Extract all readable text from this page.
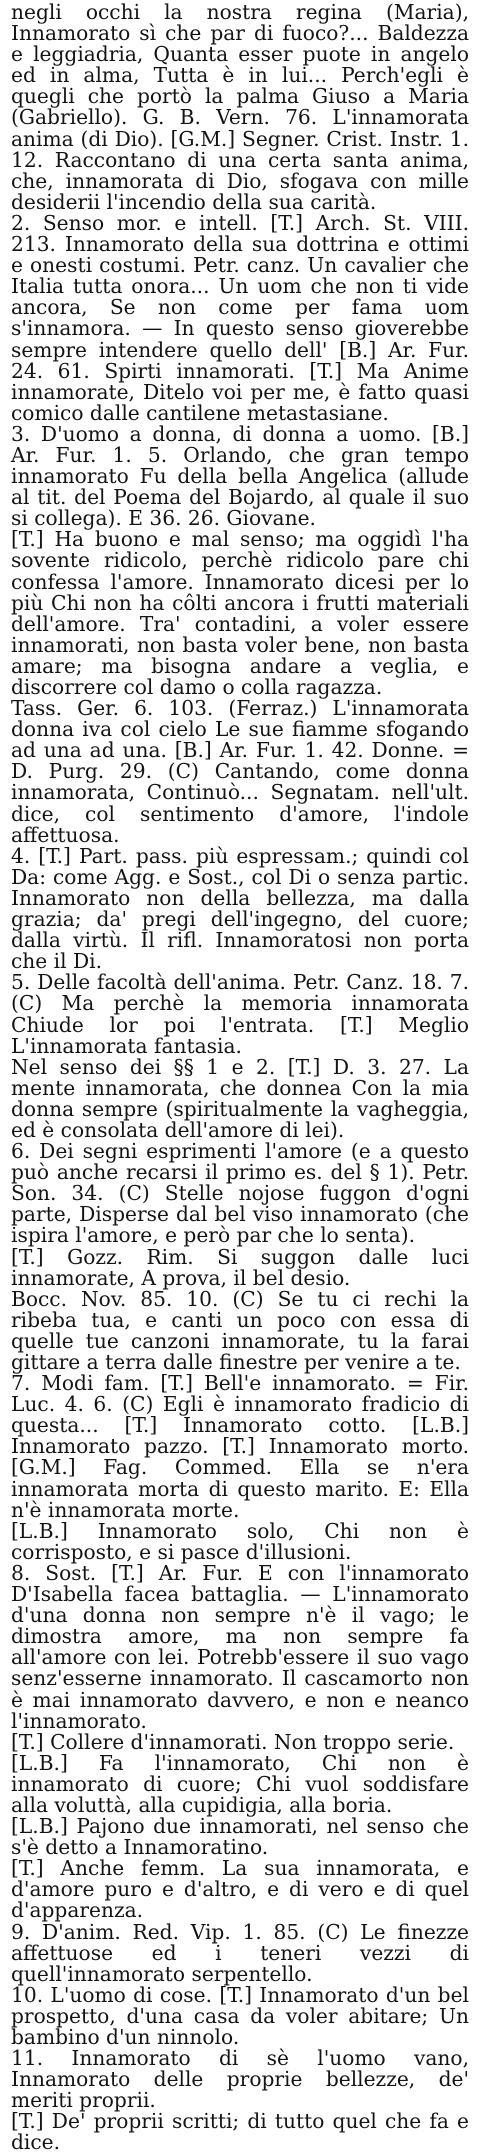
negli occhi la nostra regina (Maria), Innamorato sì che par di fuoco?... Baldezza e leggiadria, Quanta esser puote in angelo ed in alma, Tutta è in lui... Perch'egli è quegli che portò la palma Giuso a Maria (Gabriello). G. B. Vern. 76. L'innamorata anima (di Dio). [G.M.] Segner. Crist. Instr. 1. 12. Raccontano di una certa santa anima, che, innamorata di Dio, sfogava con mille desiderii l'incendio della sua carità.

2. Senso mor. e intell. [T.] Arch. St. VIII. 213. Innamorato della sua dottrina e ottimi e onesti costumi. Petr. canz. Un cavalier che Italia tutta onora... Un uom che non ti vide ancora, Se non come per fama uom s'innamora. — In questo senso gioverebbe sempre intendere quello dell' [B.] Ar. Fur. 24. 61. Spirti innamorati. [T.] Ma Anime innamorate, Ditelo voi per me, è fatto quasi comico dalle cantilene metastasiane.

3. D'uomo a donna, di donna a uomo. [B.] Ar. Fur. 1. 5. Orlando, che gran tempo innamorato Fu della bella Angelica (allude al tit. del Poema del Bojardo, al quale il suo si collega). E 36. 26. Giovane.

[T.] Ha buono e mal senso; ma oggidì l'ha sovente ridicolo, perchè ridicolo pare chi confessa l'amore. Innamorato dicesi per lo più Chi non ha côlti ancora i frutti materiali dell'amore. Tra' contadini, a voler essere innamorati, non basta voler bene, non basta amare; ma bisogna andare a veglia, e discorrere col damo o colla ragazza.

Tass. Ger. 6. 103. (Ferraz.) L'innamorata donna iva col cielo Le sue fiamme sfogando ad una ad una. [B.] Ar. Fur. 1. 42. Donne. = D. Purg. 29. (C) Cantando, come donna innamorata, Continuò... Segnatam. nell'ult. dice, col sentimento d'amore, l'indole affettuosa.

4. [T.] Part. pass. più espressam.; quindi col Da: come Agg. e Sost., col Di o senza partic. Innamorato non della bellezza, ma dalla grazia; da' pregi dell'ingegno, del cuore; dalla virtù. Il rifl. Innamoratosi non porta che il Di.

5. Delle facoltà dell'anima. Petr. Canz. 18. 7. (C) Ma perchè la memoria innamorata Chiude lor poi l'entrata. [T.] Meglio L'innamorata fantasia.

Nel senso dei §§ 1 e 2. [T.] D. 3. 27. La mente innamorata, che donnea Con la mia donna sempre (spiritualmente la vagheggia, ed è consolata dell'amore di lei).

6. Dei segni esprimenti l'amore (e a questo può anche recarsi il primo es. del § 1). Petr. Son. 34. (C) Stelle nojose fuggon d'ogni parte, Disperse dal bel viso innamorato (che ispira l'amore, e però par che lo senta).

[T.] Gozz. Rim. Si suggon dalle luci innamorate, A prova, il bel desio.

Bocc. Nov. 85. 10. (C) Se tu ci rechi la ribeba tua, e canti un poco con essa di quelle tue canzoni innamorate, tu la farai gittare a terra dalle finestre per venire a te.

7. Modi fam. [T.] Bell'e innamorato. = Fir. Luc. 4. 6. (C) Egli è innamorato fradicio di questa... [T.] Innamorato cotto. [L.B.] Innamorato pazzo. [T.] Innamorato morto. [G.M.] Fag. Commed. Ella se n'era innamorata morta di questo marito. E: Ella n'è innamorata morte.

[L.B.] Innamorato solo, Chi non è corrisposto, e si pasce d'illusioni.

8. Sost. [T.] Ar. Fur. E con l'innamorato D'Isabella facea battaglia. — L'innamorato d'una donna non sempre n'è il vago; le dimostra amore, ma non sempre fa all'amore con lei. Potrebb'essere il suo vago senz'esserne innamorato. Il cascamorto non è mai innamorato davvero, e non e neanco l'innamorato.

[T.] Collere d'innamorati. Non troppo serie.

[L.B.] Fa l'innamorato, Chi non è innamorato di cuore; Chi vuol soddisfare alla voluttà, alla cupidigia, alla boria.

[L.B.] Pajono due innamorati, nel senso che s'è detto a Innamoratino.

[T.] Anche femm. La sua innamorata, e d'amore puro e d'altro, e di vero e di quel d'apparenza.

9. D'anim. Red. Vip. 1. 85. (C) Le finezze affettuose ed i teneri vezzi di quell'innamorato serpentello.

10. L'uomo di cose. [T.] Innamorato d'un bel prospetto, d'una casa da voler abitare; Un bambino d'un ninnolo.

11. Innamorato di sè l'uomo vano, Innamorato delle proprie bellezze, de' meriti proprii.

[T.] De' proprii scritti; di tutto quel che fa e dice.
